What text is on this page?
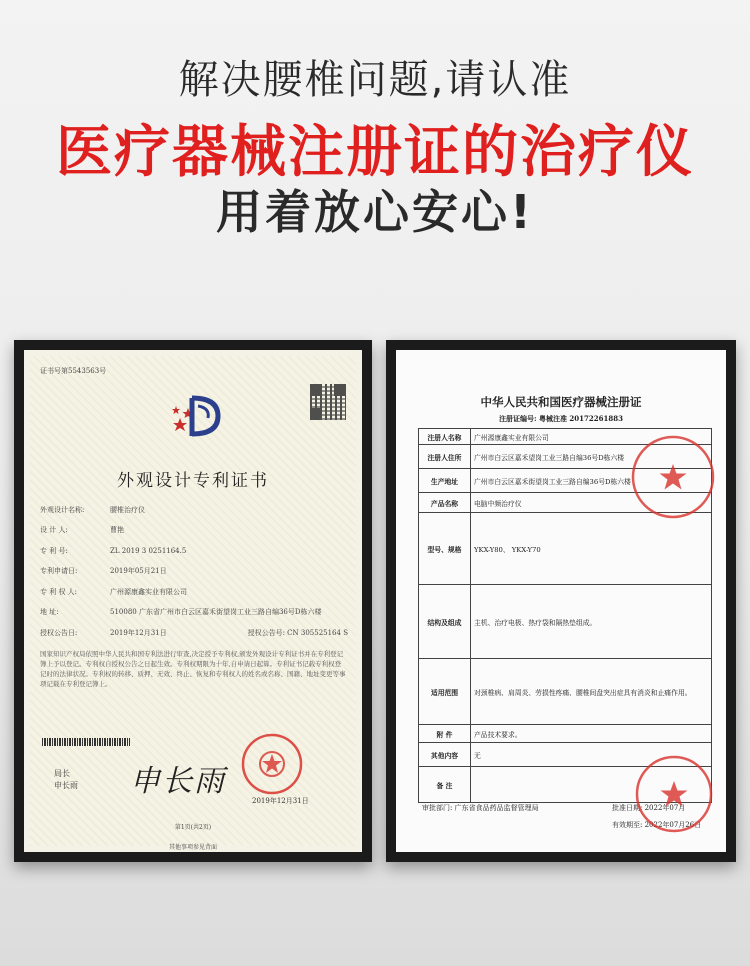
解决腰椎问题,请认准
医疗器械注册证的治疗仪
用着放心安心!
证书号第5543563号
外观设计专利证书
外观设计名称:	腰椎治疗仪
设 计 人:	曹艳
专 利 号:	ZL 2019 3 0251164.5
专利申请日:	2019年05月21日
专 利 权 人:	广州源康鑫实业有限公司
地 址:	510080 广东省广州市白云区嘉禾街望岗工业三路自编36号D栋六楼
授权公告日:	2019年12月31日	授权公告号: CN 305525164 S
国家知识产权局依照中华人民共和国专利法进行审查,决定授予专利权,颁发外观设计专利证书并在专利登记簿上予以登记。专利权自授权公告之日起生效。专利权期限为十年,自申请日起算。专利证书记载专利权登记时的法律状况。专利权的转移、质押、无效、终止、恢复和专利权人的姓名或名称、国籍、地址变更等事项记载在专利登记簿上。
局长
申长雨 申长雨
2019年12月31日
第1页(共2页)
其他事项参见背面
中华人民共和国医疗器械注册证
注册证编号: 粤械注准 20172261883
注册人名称	广州源康鑫实业有限公司
注册人住所	广州市白云区嘉禾望岗工业三路自编36号D栋六楼
生产地址	广州市白云区嘉禾街望岗工业三路自编36号D栋六楼
产品名称	电脑中频治疗仪
型号、规格	YKX-Y80、 YKX-Y70
结构及组成	主机、治疗电极、热疗袋和隔热垫组成。
适用范围	对颈椎病、肩周炎、劳损性疼痛、腰椎间盘突出症具有消炎和止痛作用。
附 件	产品技术要求。
其他内容	无
备 注	
审批部门: 广东省食品药品监督管理局	批准日期: 2022年07月
有效期至: 2022年07月26日
